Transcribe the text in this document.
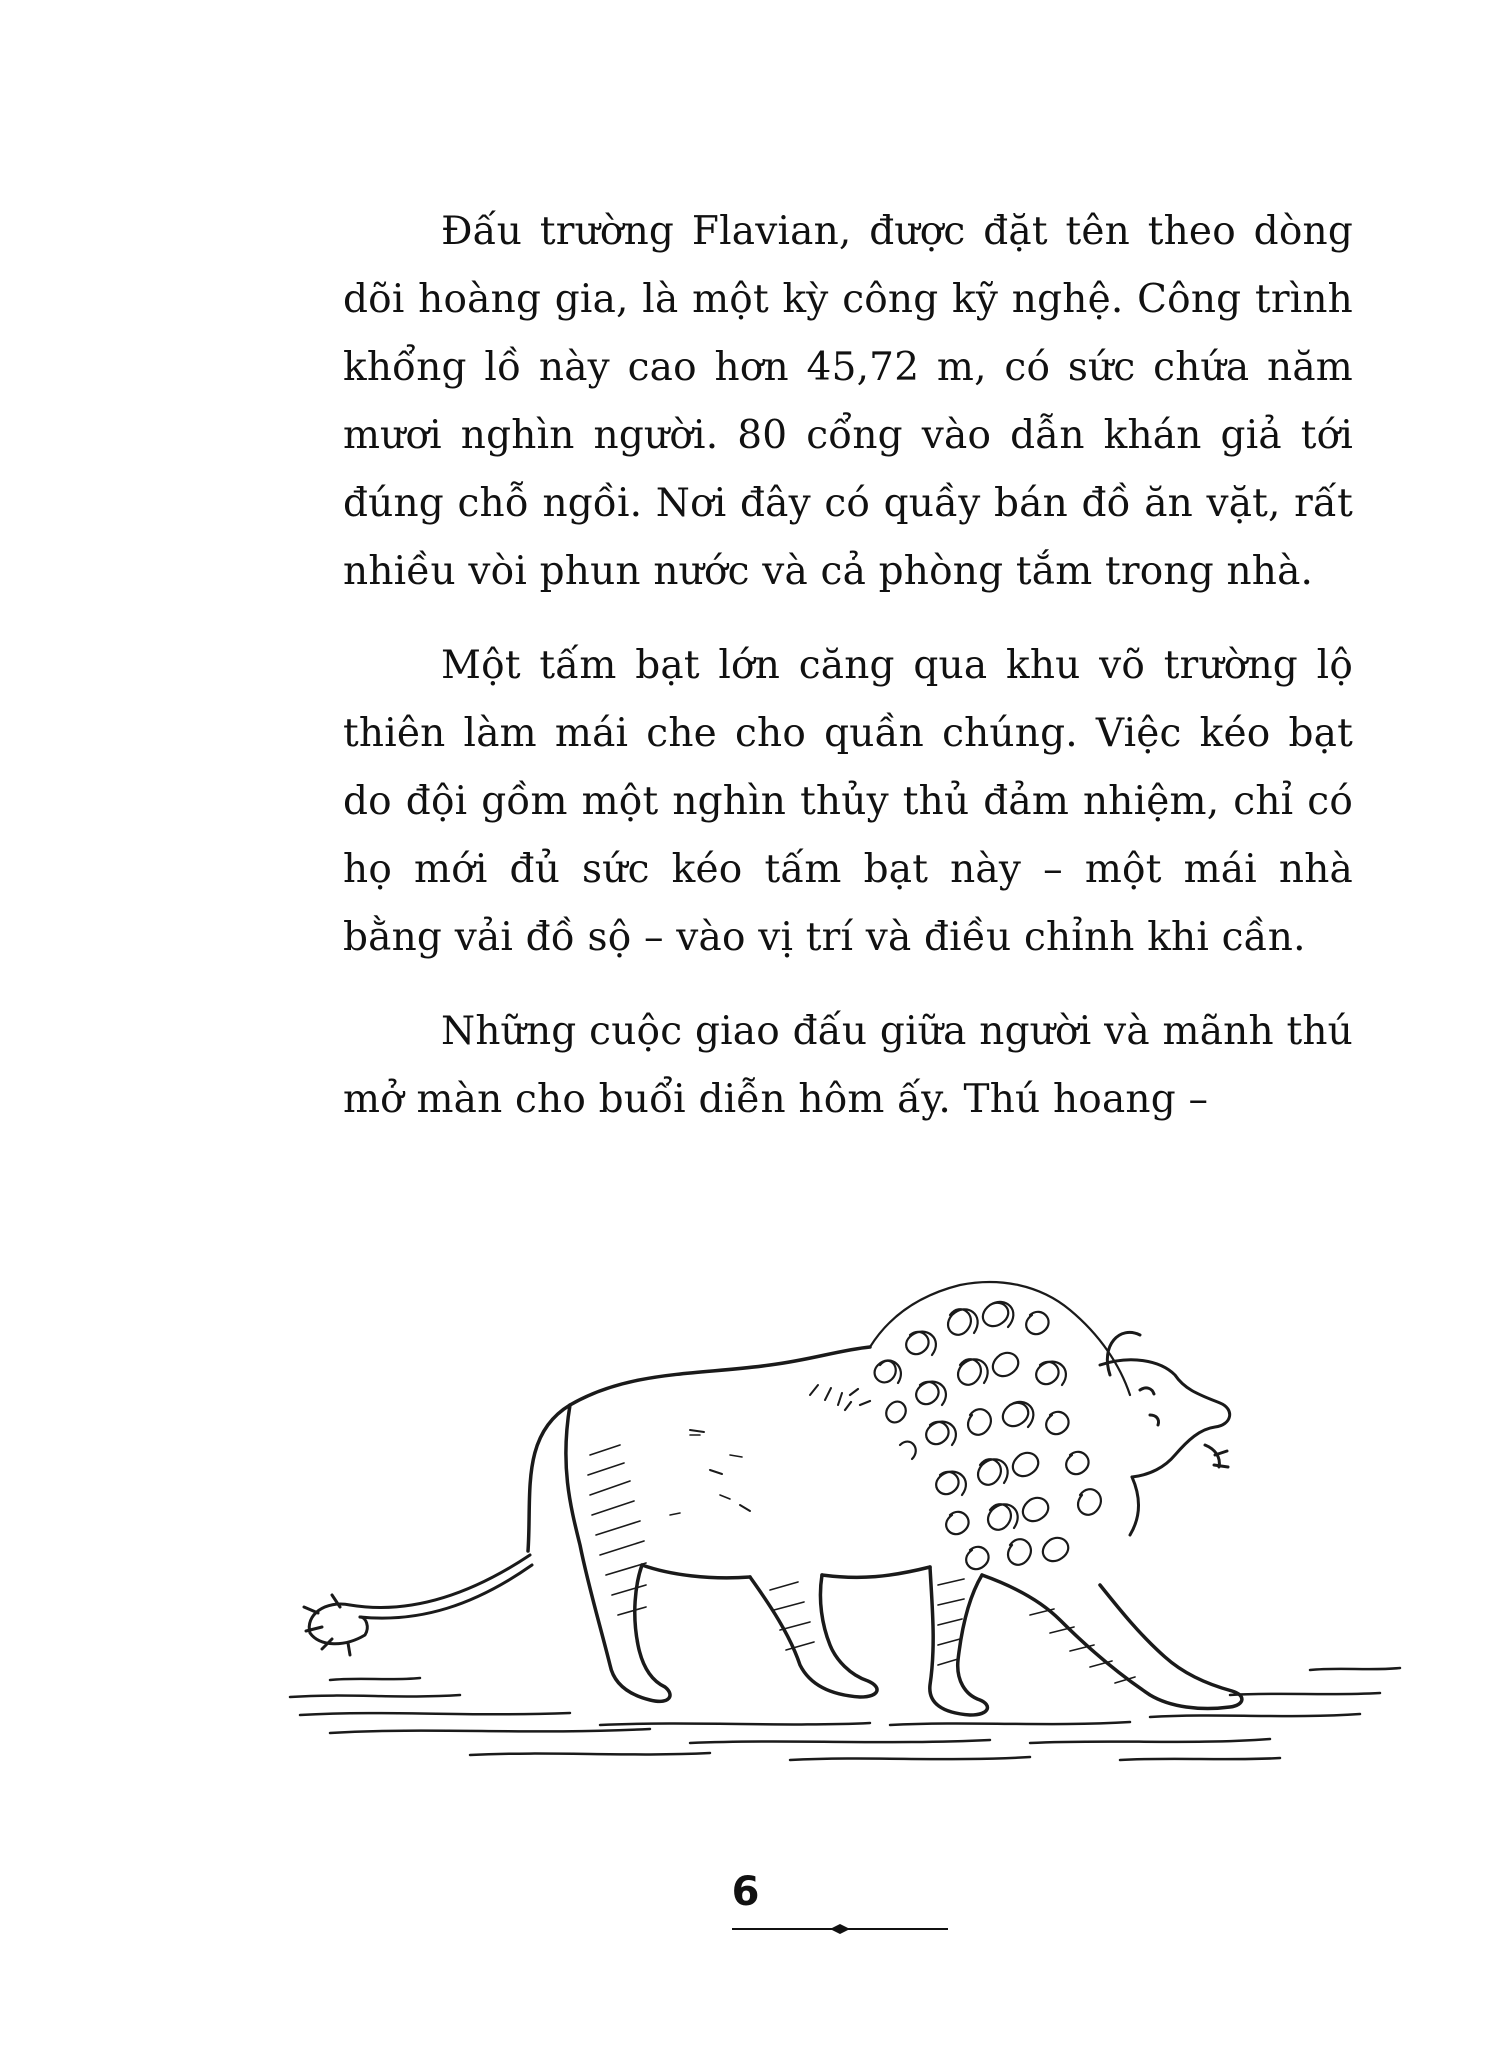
Đấu trường Flavian, được đặt tên theo dòng dõi hoàng gia, là một kỳ công kỹ nghệ. Công trình khổng lồ này cao hơn 45,72 m, có sức chứa năm mươi nghìn người. 80 cổng vào dẫn khán giả tới đúng chỗ ngồi. Nơi đây có quầy bán đồ ăn vặt, rất nhiều vòi phun nước và cả phòng tắm trong nhà.

Một tấm bạt lớn căng qua khu võ trường lộ thiên làm mái che cho quần chúng. Việc kéo bạt do đội gồm một nghìn thủy thủ đảm nhiệm, chỉ có họ mới đủ sức kéo tấm bạt này – một mái nhà bằng vải đồ sộ – vào vị trí và điều chỉnh khi cần.

Những cuộc giao đấu giữa người và mãnh thú mở màn cho buổi diễn hôm ấy. Thú hoang –

6
